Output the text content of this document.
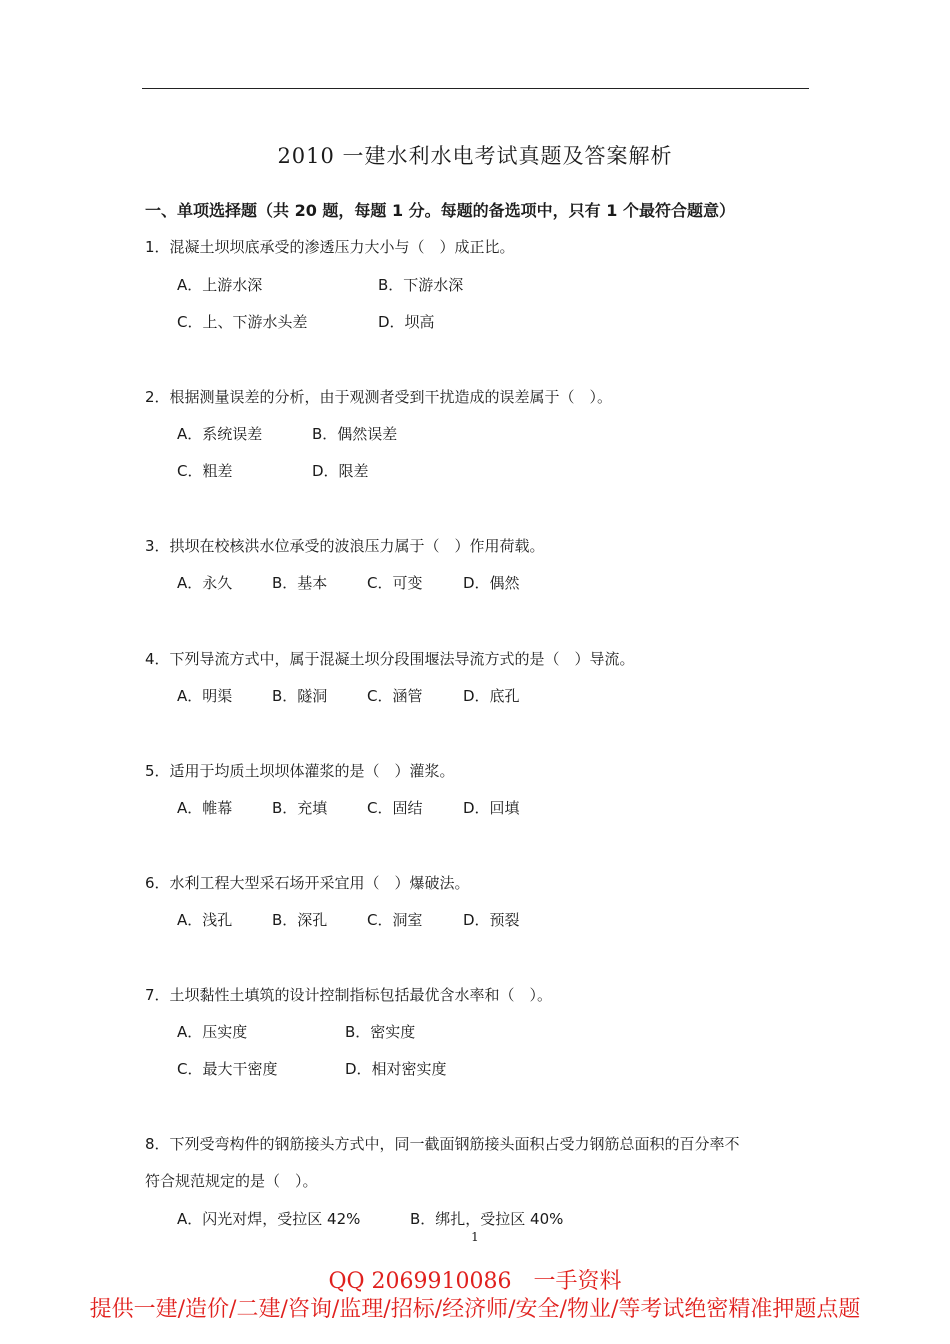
2010 一建水利水电考试真题及答案解析
一、单项选择题（共 20 题，每题 1 分。每题的备选项中，只有 1 个最符合题意）
1．混凝土坝坝底承受的渗透压力大小与（　）成正比。
A．上游水深	B．下游水深
C．上、下游水头差	D．坝高
2．根据测量误差的分析，由于观测者受到干扰造成的误差属于（　）。
A．系统误差	B．偶然误差
C．粗差	D．限差
3．拱坝在校核洪水位承受的波浪压力属于（　）作用荷载。
A．永久	B．基本	C．可变	D．偶然
4．下列导流方式中，属于混凝土坝分段围堰法导流方式的是（　）导流。
A．明渠	B．隧洞	C．涵管	D．底孔
5．适用于均质土坝坝体灌浆的是（　）灌浆。
A．帷幕	B．充填	C．固结	D．回填
6．水利工程大型采石场开采宜用（　）爆破法。
A．浅孔	B．深孔	C．洞室	D．预裂
7．土坝黏性土填筑的设计控制指标包括最优含水率和（　）。
A．压实度	B．密实度
C．最大干密度	D．相对密实度
8．下列受弯构件的钢筋接头方式中，同一截面钢筋接头面积占受力钢筋总面积的百分率不
符合规范规定的是（　）。
A．闪光对焊，受拉区 42%	B．绑扎，受拉区 40%
1
QQ 2069910086　一手资料
提供一建/造价/二建/咨询/监理/招标/经济师/安全/物业/等考试绝密精准押题点题
